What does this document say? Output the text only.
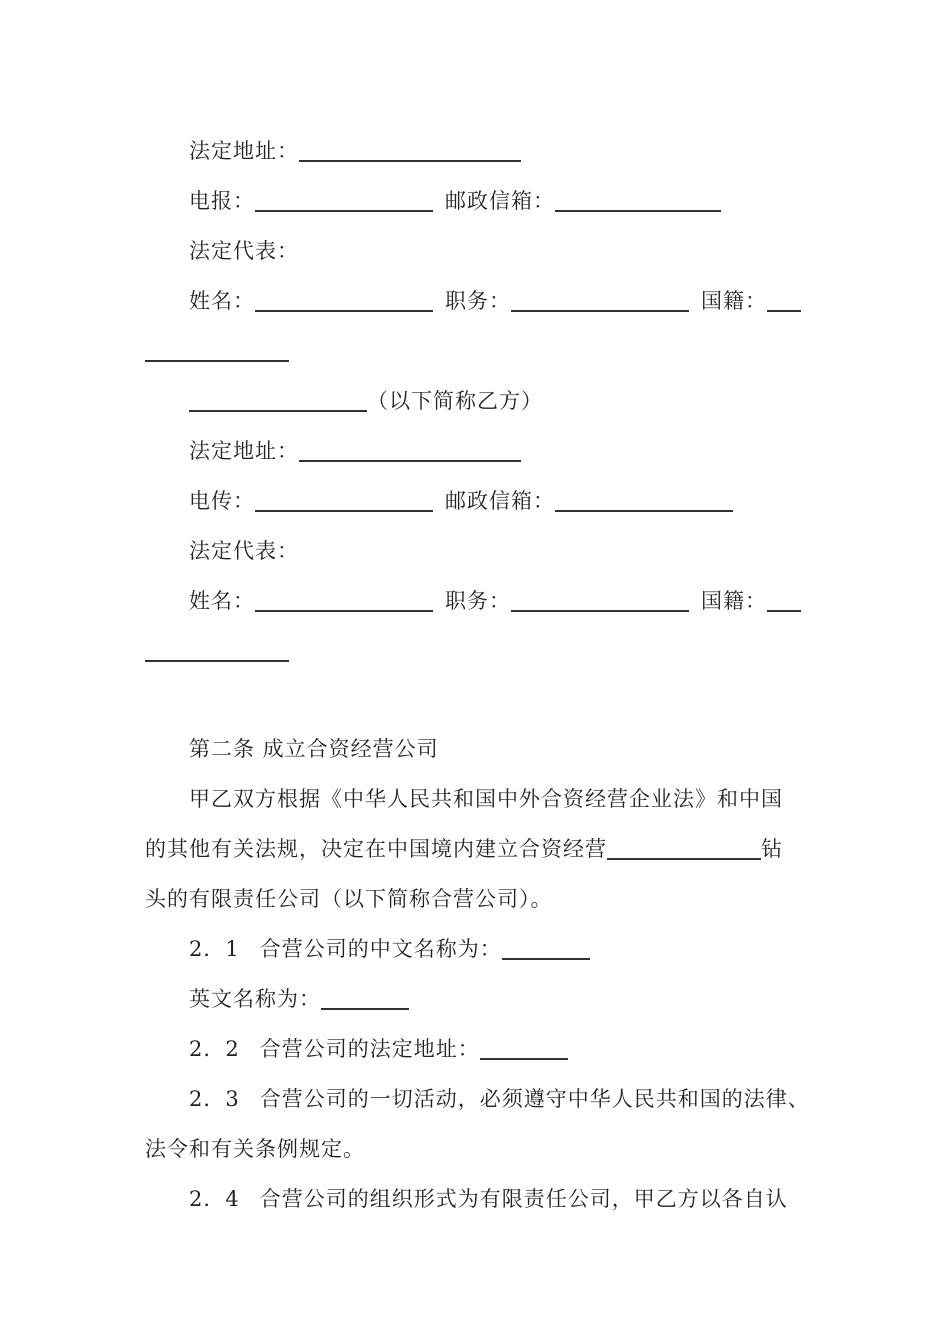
法定地址：
电报：	邮政信箱：
法定代表：
姓名：	职务：	国籍：
（以下简称乙方）
法定地址：
电传：	邮政信箱：
法定代表：
姓名：	职务：	国籍：
第二条 成立合资经营公司
甲乙双方根据《中华人民共和国中外合资经营企业法》和中国
的其他有关法规，决定在中国境内建立合资经营	钻
头的有限责任公司（以下简称合营公司）。
2．1 合营公司的中文名称为：
英文名称为：
2．2 合营公司的法定地址：
2．3 合营公司的一切活动，必须遵守中华人民共和国的法律、
法令和有关条例规定。
2．4 合营公司的组织形式为有限责任公司，甲乙方以各自认
